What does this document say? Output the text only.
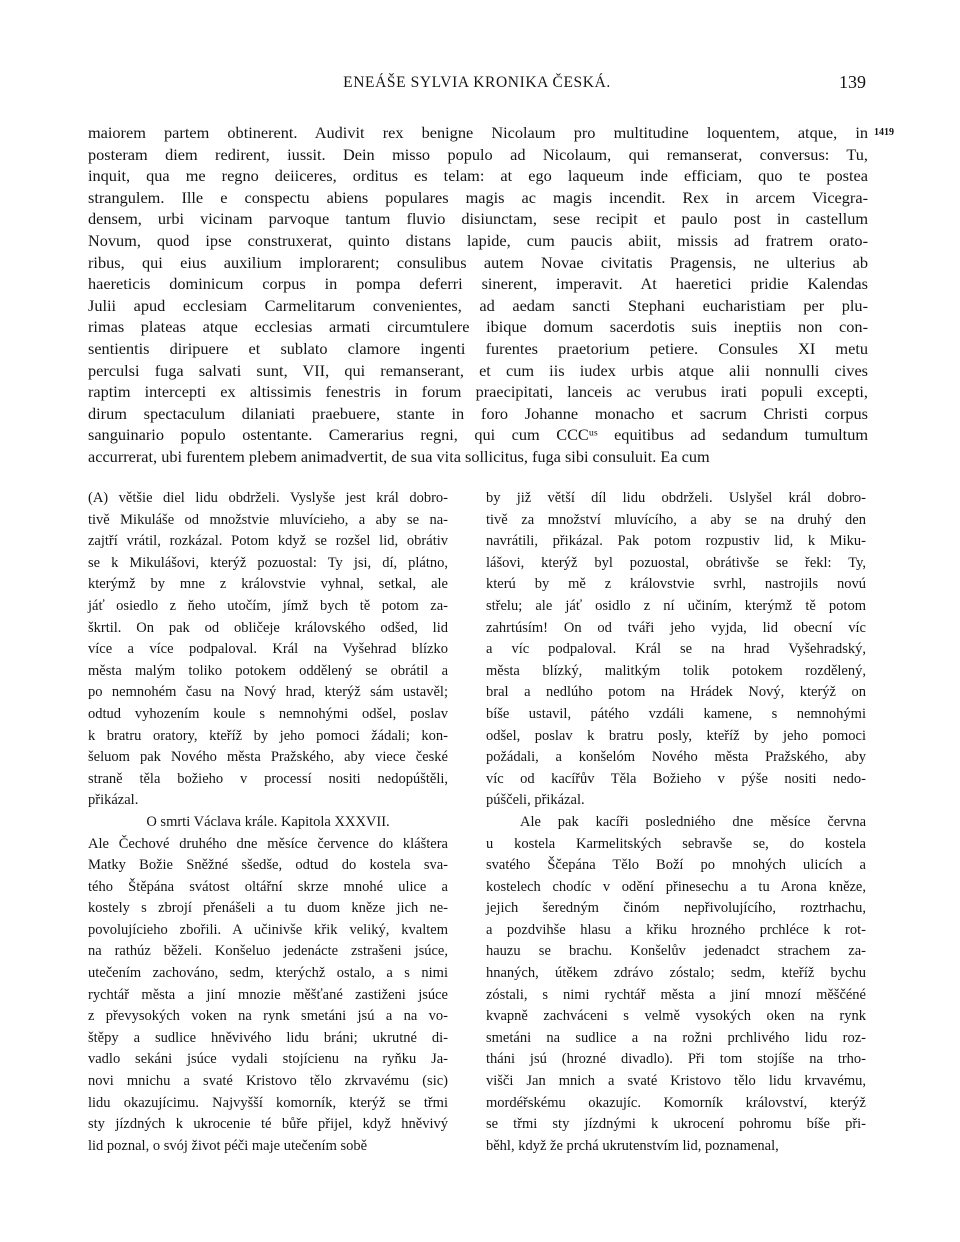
ENEÁŠE SYLVIA KRONIKA ČESKÁ.	139
1419
maiorem partem obtinerent. Audivit rex benigne Nicolaum pro multitudine loquentem, atque, in
posteram diem redirent, iussit. Dein misso populo ad Nicolaum, qui remanserat, conversus: Tu,
inquit, qua me regno deiiceres, orditus es telam: at ego laqueum inde efficiam, quo te postea
strangulem. Ille e conspectu abiens populares magis ac magis incendit. Rex in arcem Vicegra-
densem, urbi vicinam parvoque tantum fluvio disiunctam, sese recipit et paulo post in castellum
Novum, quod ipse construxerat, quinto distans lapide, cum paucis abiit, missis ad fratrem orato-
ribus, qui eius auxilium implorarent; consulibus autem Novae civitatis Pragensis, ne ulterius ab
haereticis dominicum corpus in pompa deferri sinerent, imperavit. At haeretici pridie Kalendas
Julii apud ecclesiam Carmelitarum convenientes, ad aedam sancti Stephani eucharistiam per plu-
rimas plateas atque ecclesias armati circumtulere ibique domum sacerdotis suis ineptiis non con-
sentientis diripuere et sublato clamore ingenti furentes praetorium petiere. Consules XI metu
perculsi fuga salvati sunt, VII, qui remanserant, et cum iis iudex urbis atque alii nonnulli cives
raptim intercepti ex altissimis fenestris in forum praecipitati, lanceis ac verubus irati populi excepti,
dirum spectaculum dilaniati praebuere, stante in foro Johanne monacho et sacrum Christi corpus
sanguinario populo ostentante. Camerarius regni, qui cum CCCᵘˢ equitibus ad sedandum tumultum
accurrerat, ubi furentem plebem animadvertit, de sua vita sollicitus, fuga sibi consuluit. Ea cum
(A) většie diel lidu obdrželi. Vyslyše jest král dobro-
tivě Mikuláše od množstvie mluvícieho, a aby se na-
zajtří vrátil, rozkázal. Potom když se rozšel lid, obrátiv
se k Mikulášovi, kterýž pozuostal: Ty jsi, dí, plátno,
kterýmž by mne z královstvie vyhnal, setkal, ale
jáť osiedlo z ňeho utočím, jímž bych tě potom za-
škrtil. On pak od obličeje královského odšed, lid
více a více podpaloval. Král na Vyšehrad blízko
města malým toliko potokem oddělený se obrátil a
po nemnohém času na Nový hrad, kterýž sám ustavěl;
odtud vyhozením koule s nemnohými odšel, poslav
k bratru oratory, kteříž by jeho pomoci žádali; kon-
šeluom pak Nového města Pražského, aby viece české
straně těla božieho v processí nositi nedopúštěli,
přikázal.
O smrti Václava krále. Kapitola XXXVII.
Ale Čechové druhého dne měsíce července do kláštera
Matky Božie Sněžné sšedše, odtud do kostela sva-
tého Štěpána svátost oltářní skrze mnohé ulice a
kostely s zbrojí přenášeli a tu duom kněze jich ne-
povolujícieho zbořili. A učinivše křik veliký, kvaltem
na rathúz běželi. Konšeluo jedenácte zstrašeni jsúce,
utečením zachováno, sedm, kterýchž ostalo, a s nimi
rychtář města a jiní mnozie měšťané zastiženi jsúce
z převysokých voken na rynk smetáni jsú a na vo-
štěpy a sudlice hněvivého lidu bráni; ukrutné di-
vadlo sekáni jsúce vydali stojícienu na ryňku Ja-
novi mnichu a svaté Kristovo tělo zkrvavému (sic)
lidu okazujícimu. Najvyšší komorník, kterýž se třmi
sty jízdných k ukrocenie té bůře přijel, když hněvivý
lid poznal, o svój život péči maje utečením sobě
by již větší díl lidu obdrželi. Uslyšel král dobro-
tivě za množství mluvícího, a aby se na druhý den
navrátili, přikázal. Pak potom rozpustiv lid, k Miku-
lášovi, kterýž byl pozuostal, obrátivše se řekl: Ty,
kterú by mě z královstvie svrhl, nastrojils novú
střelu; ale jáť osidlo z ní učiním, kterýmž tě potom
zahrtúsím! On od tváři jeho vyjda, lid obecní víc
a víc podpaloval. Král se na hrad Vyšehradský,
města blízký, malitkým tolik potokem rozdělený,
bral a nedlúho potom na Hrádek Nový, kterýž on
bíše ustavil, pátého vzdáli kamene, s nemnohými
odšel, poslav k bratru posly, kteříž by jeho pomoci
požádali, a konšelóm Nového města Pražského, aby
víc od kacířův Těla Božieho v pýše nositi nedo-
púščeli, přikázal.
Ale pak kacíři posledniého dne měsíce června
u kostela Karmelitských sebravše se, do kostela
svatého Ščepána Tělo Boží po mnohých ulicích a
kostelech chodíc v odění přinesechu a tu Arona kněze,
jejich šeredným činóm nepřivolujícího, roztrhachu,
a pozdvihše hlasu a křiku hrozného prchléce k rot-
hauzu se brachu. Konšelův jedenadct strachem za-
hnaných, útěkem zdrávo zóstalo; sedm, kteříž bychu
zóstali, s nimi rychtář města a jiní mnozí měščéné
kvapně zachváceni s velmě vysokých oken na rynk
smetáni na sudlice a na rožni prchlivého lidu roz-
tháni jsú (hrozné divadlo). Při tom stojíše na trho-
višči Jan mnich a svaté Kristovo tělo lidu krvavému,
mordéřskému okazujíc. Komorník království, kterýž
se třmi sty jízdnými k ukrocení pohromu bíše při-
běhl, když že prchá ukrutenstvím lid, poznamenal,
